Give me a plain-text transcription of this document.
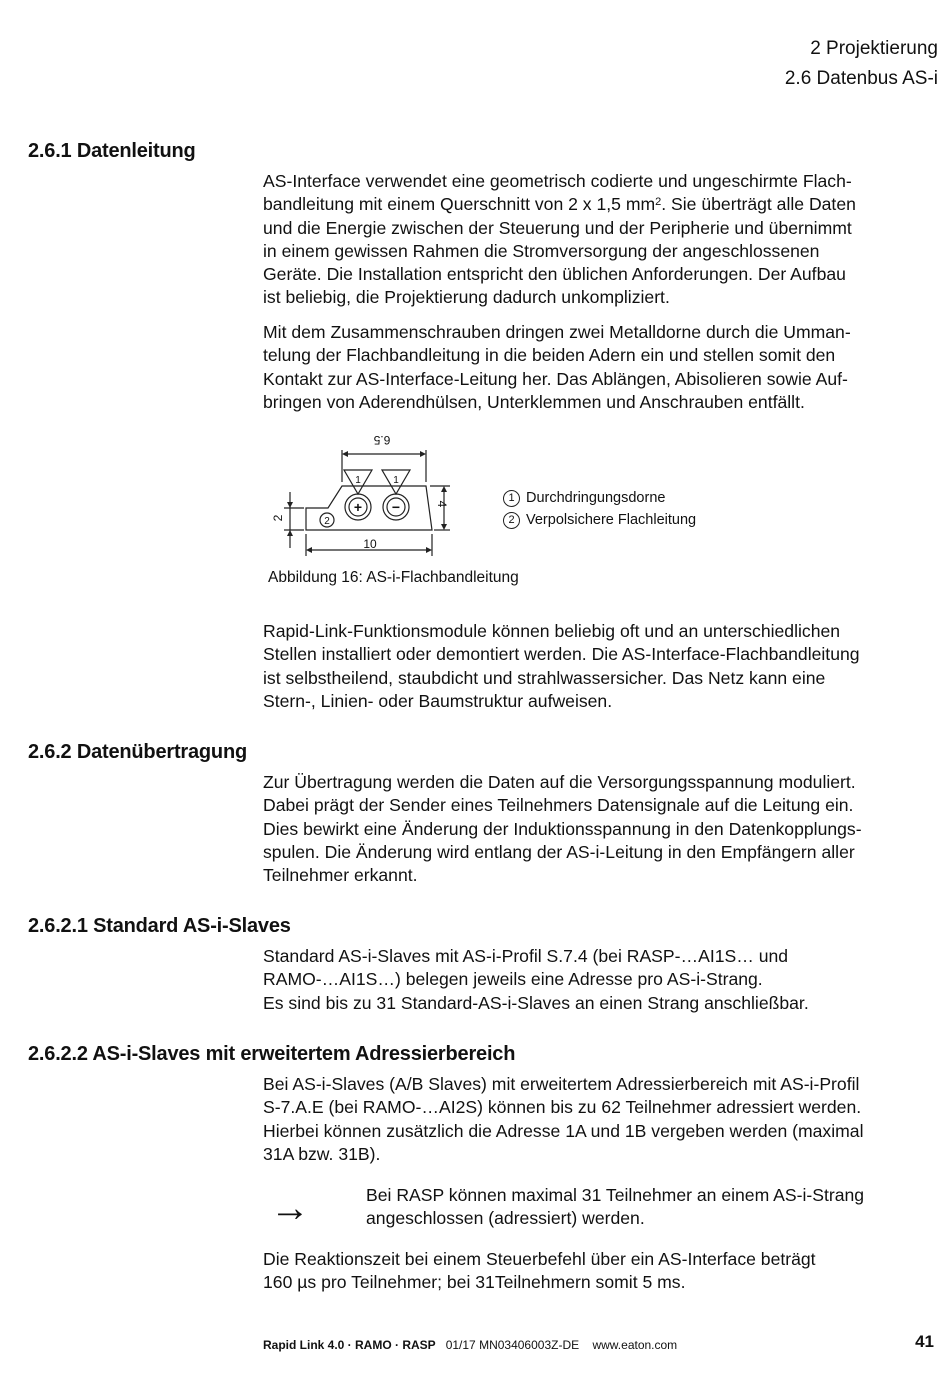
2 Projektierung
2.6 Datenbus AS-i
2.6.1 Datenleitung
AS-Interface verwendet eine geometrisch codierte und ungeschirmte Flach-
bandleitung mit einem Querschnitt von 2 x 1,5 $mm^2$. Sie überträgt alle Daten
und die Energie zwischen der Steuerung und der Peripherie und übernimmt
in einem gewissen Rahmen die Stromversorgung der angeschlossenen
Geräte. Die Installation entspricht den üblichen Anforderungen. Der Aufbau
ist beliebig, die Projektierung dadurch unkompliziert.
Mit dem Zusammenschrauben dringen zwei Metalldorne durch die Umman-
telung der Flachbandleitung in die beiden Adern ein und stellen somit den
Kontakt zur AS-Interface-Leitung her. Das Ablängen, Abisolieren sowie Auf-
bringen von Aderendhülsen, Unterklemmen und Anschrauben entfällt.
6.5
10
2
4
1	1
2
+ −
1 Durchdringungsdorne
2 Verpolsichere Flachleitung
Abbildung 16: AS-i-Flachbandleitung
Rapid-Link-Funktionsmodule können beliebig oft und an unterschiedlichen
Stellen installiert oder demontiert werden. Die AS-Interface-Flachbandleitung
ist selbstheilend, staubdicht und strahlwassersicher. Das Netz kann eine
Stern-, Linien- oder Baumstruktur aufweisen.
2.6.2 Datenübertragung
Zur Übertragung werden die Daten auf die Versorgungsspannung moduliert.
Dabei prägt der Sender eines Teilnehmers Datensignale auf die Leitung ein.
Dies bewirkt eine Änderung der Induktionsspannung in den Datenkopplungs-
spulen. Die Änderung wird entlang der AS-i-Leitung in den Empfängern aller
Teilnehmer erkannt.
2.6.2.1 Standard AS-i-Slaves
Standard AS-i-Slaves mit AS-i-Profil S.7.4 (bei RASP-…AI1S… und
RAMO-…AI1S…) belegen jeweils eine Adresse pro AS-i-Strang.
Es sind bis zu 31 Standard-AS-i-Slaves an einen Strang anschließbar.
2.6.2.2 AS-i-Slaves mit erweitertem Adressierbereich
Bei AS-i-Slaves (A/B Slaves) mit erweitertem Adressierbereich mit AS-i-Profil
S-7.A.E (bei RAMO-…AI2S) können bis zu 62 Teilnehmer adressiert werden.
Hierbei können zusätzlich die Adresse 1A und 1B vergeben werden (maximal
31A bzw. 31B).
→	Bei RASP können maximal 31 Teilnehmer an einem AS-i-Strang
angeschlossen (adressiert) werden.
Die Reaktionszeit bei einem Steuerbefehl über ein AS-Interface beträgt
160 µs pro Teilnehmer; bei 31Teilnehmern somit 5 ms.
Rapid Link 4.0 · RAMO · RASP 01/17 MN03406003Z-DE www.eaton.com	41
